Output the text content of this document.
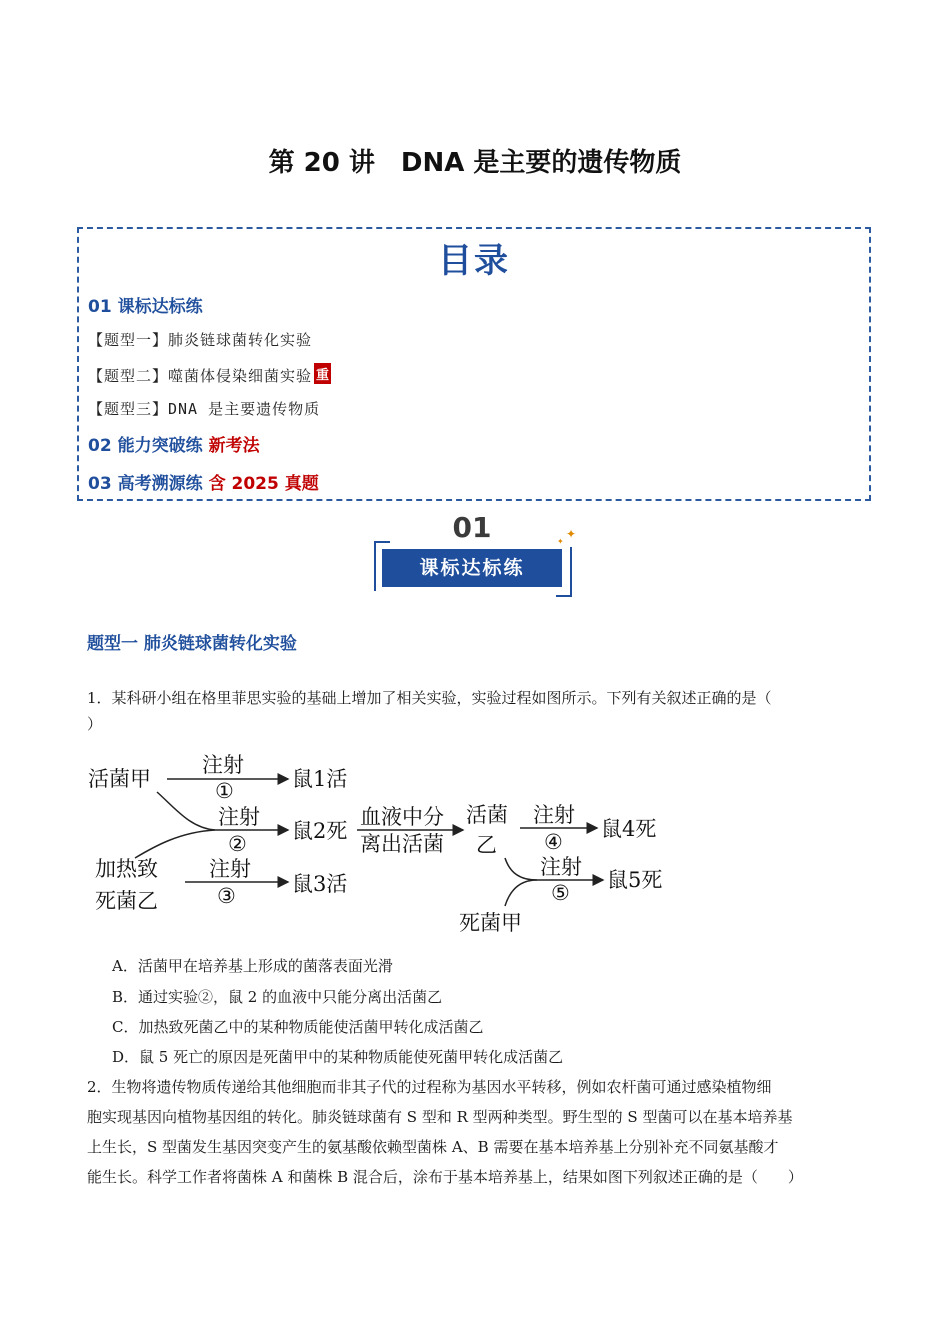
第 20 讲　DNA 是主要的遗传物质
目录
01 课标达标练
【题型一】肺炎链球菌转化实验
【题型二】噬菌体侵染细菌实验 重
【题型三】DNA 是主要遗传物质
02 能力突破练 新考法
03 高考溯源练 含 2025 真题
01
课标达标练
✦
✦
题型一 肺炎链球菌转化实验
1．某科研小组在格里菲思实验的基础上增加了相关实验，实验过程如图所示。下列有关叙述正确的是（
）
活菌甲
加热致
死菌乙
注射
①	鼠1活
注射
②
鼠2死
注射
③	鼠3活
血液中分
离出活菌
活菌
乙
注射
④
鼠4死
注射
⑤
鼠5死
死菌甲
A．活菌甲在培养基上形成的菌落表面光滑
B．通过实验②，鼠 2 的血液中只能分离出活菌乙
C．加热致死菌乙中的某种物质能使活菌甲转化成活菌乙
D．鼠 5 死亡的原因是死菌甲中的某种物质能使死菌甲转化成活菌乙
2．生物将遗传物质传递给其他细胞而非其子代的过程称为基因水平转移，例如农杆菌可通过感染植物细
胞实现基因向植物基因组的转化。肺炎链球菌有 S 型和 R 型两种类型。野生型的 S 型菌可以在基本培养基
上生长，S 型菌发生基因突变产生的氨基酸依赖型菌株 A、B 需要在基本培养基上分别补充不同氨基酸才
能生长。科学工作者将菌株 A 和菌株 B 混合后，涂布于基本培养基上，结果如图下列叙述正确的是（　　）
